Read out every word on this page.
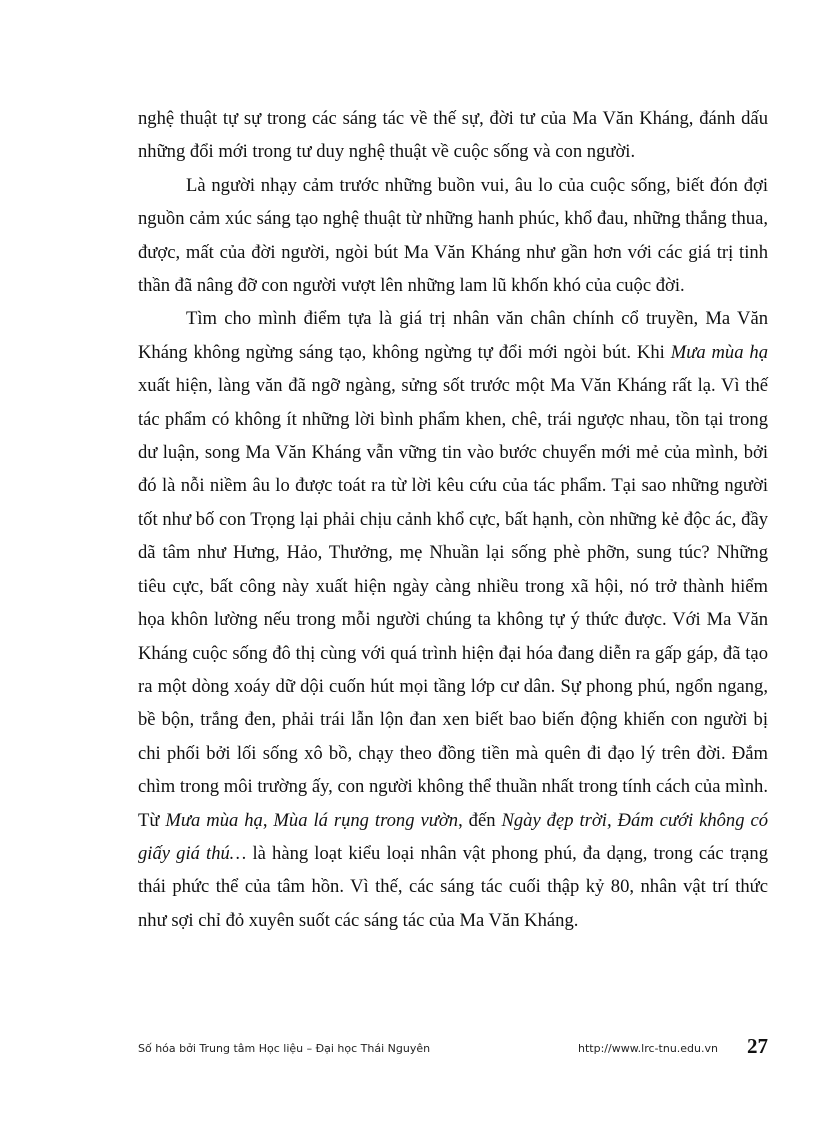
nghệ thuật tự sự trong các sáng tác về thế sự, đời tư của Ma Văn Kháng, đánh dấu những đổi mới trong tư duy nghệ thuật về cuộc sống và con người.

Là người nhạy cảm trước những buồn vui, âu lo của cuộc sống, biết đón đợi nguồn cảm xúc sáng tạo nghệ thuật từ những hanh phúc, khổ đau, những thắng thua, được, mất của đời người, ngòi bút Ma Văn Kháng như gần hơn với các giá trị tinh thần đã nâng đỡ con người vượt lên những lam lũ khốn khó của cuộc đời.

Tìm cho mình điểm tựa là giá trị nhân văn chân chính cổ truyền, Ma Văn Kháng không ngừng sáng tạo, không ngừng tự đổi mới ngòi bút. Khi Mưa mùa hạ xuất hiện, làng văn đã ngỡ ngàng, sửng sốt trước một Ma Văn Kháng rất lạ. Vì thế tác phẩm có không ít những lời bình phẩm khen, chê, trái ngược nhau, tồn tại trong dư luận, song Ma Văn Kháng vẫn vững tin vào bước chuyển mới mẻ của mình, bởi đó là nỗi niềm âu lo được toát ra từ lời kêu cứu của tác phẩm. Tại sao những người tốt như bố con Trọng lại phải chịu cảnh khổ cực, bất hạnh, còn những kẻ độc ác, đầy dã tâm như Hưng, Hảo, Thưởng, mẹ Nhuần lại sống phè phỡn, sung túc? Những tiêu cực, bất công này xuất hiện ngày càng nhiều trong xã hội, nó trở thành hiểm họa khôn lường nếu trong mỗi người chúng ta không tự ý thức được. Với Ma Văn Kháng cuộc sống đô thị cùng với quá trình hiện đại hóa đang diễn ra gấp gáp, đã tạo ra một dòng xoáy dữ dội cuốn hút mọi tầng lớp cư dân. Sự phong phú, ngổn ngang, bề bộn, trắng đen, phải trái lẫn lộn đan xen biết bao biến động khiến con người bị chi phối bởi lối sống xô bồ, chạy theo đồng tiền mà quên đi đạo lý trên đời. Đắm chìm trong môi trường ấy, con người không thể thuần nhất trong tính cách của mình. Từ Mưa mùa hạ, Mùa lá rụng trong vườn, đến Ngày đẹp trời, Đám cưới không có giấy giá thú… là hàng loạt kiểu loại nhân vật phong phú, đa dạng, trong các trạng thái phức thể của tâm hồn. Vì thế, các sáng tác cuối thập kỷ 80, nhân vật trí thức như sợi chỉ đỏ xuyên suốt các sáng tác của Ma Văn Kháng.

Số hóa bởi Trung tâm Học liệu – Đại học Thái Nguyên	http://www.lrc-tnu.edu.vn 27
